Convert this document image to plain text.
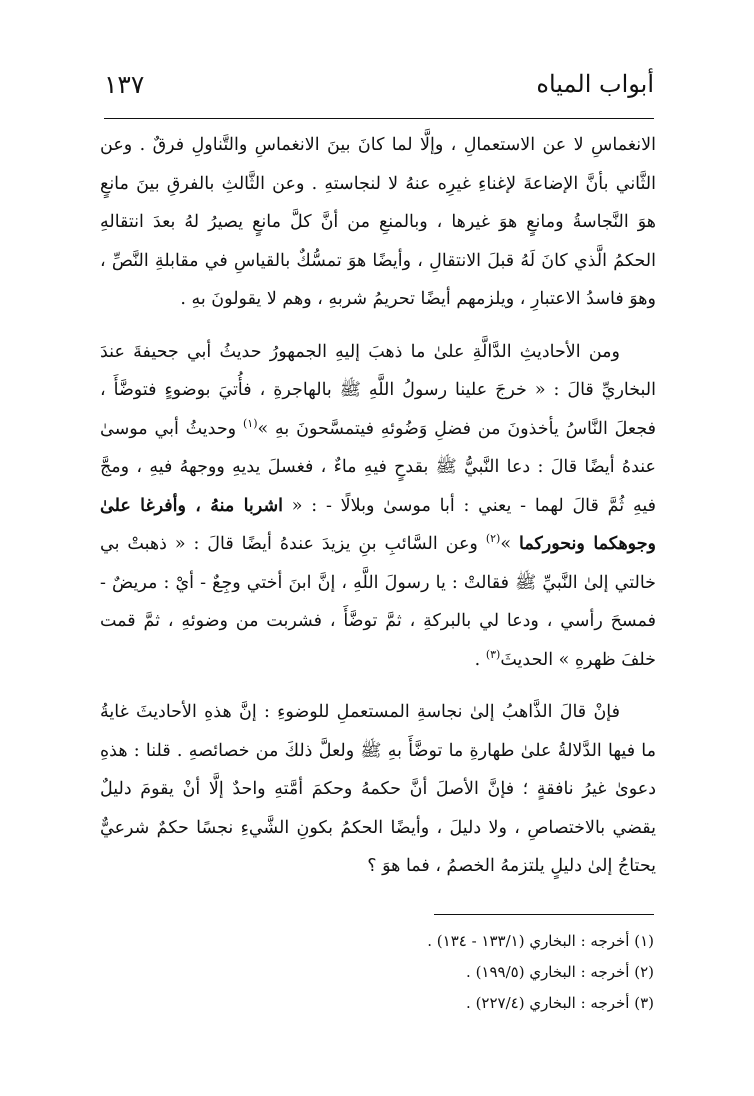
أبواب المياه
١٣٧

الانغماسِ لا عن الاستعمالِ ، وإلَّا لما كانَ بينَ الانغماسِ والتَّناولِ فرقٌ . وعن الثَّاني بأنَّ الإضاعةَ لإغناءِ غيرِه عنهُ لا لنجاستهِ . وعن الثَّالثِ بالفرقِ بينَ مانعٍ هوَ النَّجاسةُ ومانعٍ هوَ غيرها ، وبالمنعِ من أنَّ كلَّ مانعٍ يصيرُ لهُ بعدَ انتقالهِ الحكمُ الَّذي كانَ لَهُ قبلَ الانتقالِ ، وأيضًا هوَ تمسُّكٌ بالقياسِ في مقابلةِ النَّصِّ ، وهوَ فاسدُ الاعتبارِ ، ويلزمهم أيضًا تحريمُ شربهِ ، وهم لا يقولونَ بهِ .

ومن الأحاديثِ الدَّالَّةِ علىٰ ما ذهبَ إليهِ الجمهورُ حديثُ أبي جحيفةَ عندَ البخاريِّ قالَ : « خرجَ علينا رسولُ اللَّهِ ﷺ بالهاجرةِ ، فأُتيَ بوضوءٍ فتوضَّأَ ، فجعلَ النَّاسُ يأخذونَ من فضلِ وَضُوئهِ فيتمسَّحونَ بهِ »$^{(١)}$ وحديثُ أبي موسىٰ عندهُ أيضًا قالَ : دعا النَّبيُّ ﷺ بقدحٍ فيهِ ماءٌ ، فغسلَ يديهِ ووجههُ فيهِ ، ومجَّ فيهِ ثُمَّ قالَ لهما - يعني : أبا موسىٰ وبلالًا - : « اشربا منهُ ، وأفرغا علىٰ وجوهكما ونحوركما »$^{(٢)}$ وعن السَّائبِ بنِ يزيدَ عندهُ أيضًا قالَ : « ذهبتْ بي خالتي إلىٰ النَّبيِّ ﷺ فقالتْ : يا رسولَ اللَّهِ ، إنَّ ابنَ أختي وجِعٌ - أيْ : مريضٌ - فمسحَ رأسي ، ودعا لي بالبركةِ ، ثمَّ توضَّأَ ، فشربت من وضوئهِ ، ثمَّ قمت خلفَ ظهرهِ » الحديثَ$^{(٣)}$ .

فإنْ قالَ الذَّاهبُ إلىٰ نجاسةِ المستعملِ للوضوءِ : إنَّ هذهِ الأحاديثَ غايةُ ما فيها الدَّلالةُ علىٰ طهارةِ ما توضَّأَ بهِ ﷺ ولعلَّ ذلكَ من خصائصهِ . قلنا : هذهِ دعوىٰ غيرُ نافقةٍ ؛ فإنَّ الأصلَ أنَّ حكمهُ وحكمَ أمَّتهِ واحدٌ إلَّا أنْ يقومَ دليلٌ يقضي بالاختصاصِ ، ولا دليلَ ، وأيضًا الحكمُ بكونِ الشَّيءِ نجسًا حكمٌ شرعيٌّ يحتاجُ إلىٰ دليلٍ يلتزمهُ الخصمُ ، فما هوَ ؟

(١) أخرجه : البخاري (١٣٣/١ - ١٣٤) .
(٢) أخرجه : البخاري (١٩٩/٥) .
(٣) أخرجه : البخاري (٢٢٧/٤) .
